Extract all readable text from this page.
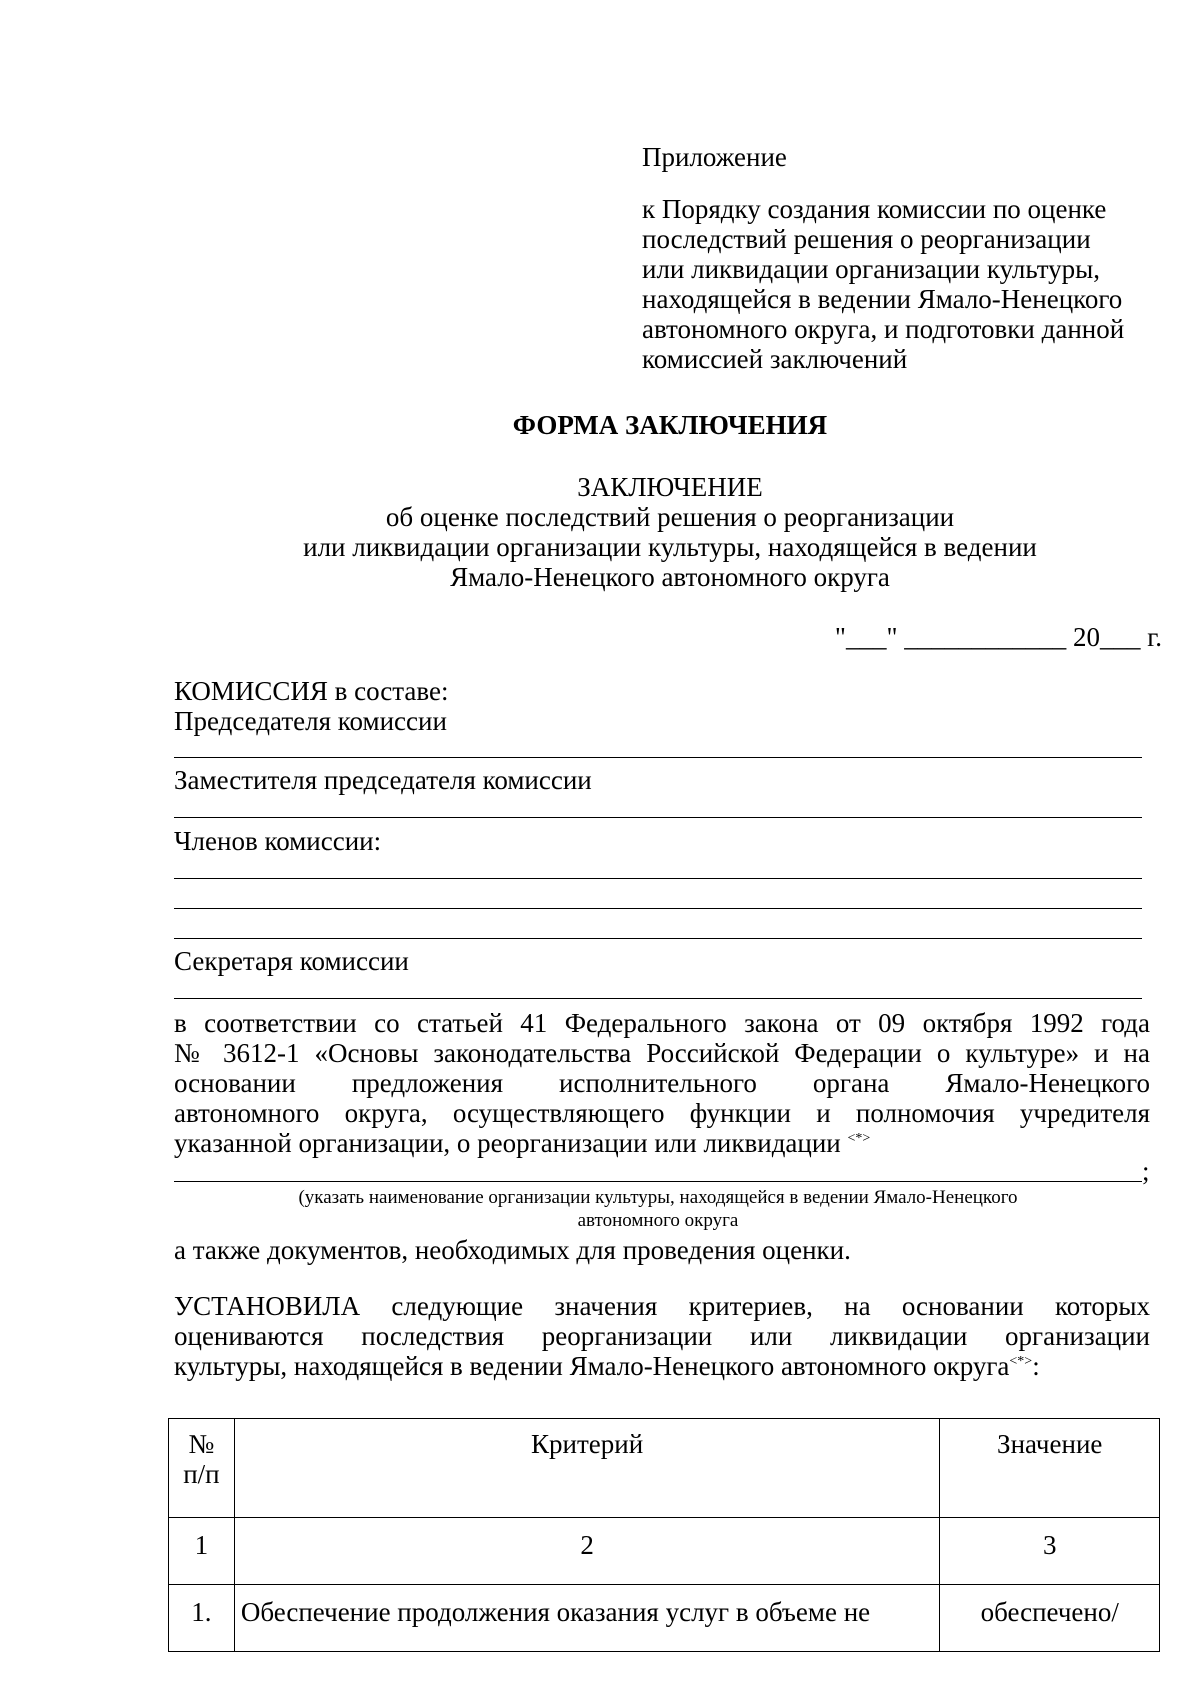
Приложение
к Порядку создания комиссии по оценке
последствий решения о реорганизации
или ликвидации организации культуры,
находящейся в ведении Ямало-Ненецкого
автономного округа, и подготовки данной
комиссией заключений
ФОРМА ЗАКЛЮЧЕНИЯ
ЗАКЛЮЧЕНИЕ
об оценке последствий решения о реорганизации
или ликвидации организации культуры, находящейся в ведении
Ямало-Ненецкого автономного округа
"___" ____________ 20___ г.
КОМИССИЯ в составе:
Председателя комиссии
Заместителя председателя комиссии
Членов комиссии:
Секретаря комиссии
в соответствии со статьей 41 Федерального закона от 09 октября 1992 года
№ 3612-1 «Основы законодательства Российской Федерации о культуре» и на
основании предложения исполнительного органа Ямало-Ненецкого
автономного округа, осуществляющего функции и полномочия учредителя
указанной организации, о реорганизации или ликвидации <*>
;
(указать наименование организации культуры, находящейся в ведении Ямало-Ненецкого
автономного округа
а также документов, необходимых для проведения оценки.
УСТАНОВИЛА следующие значения критериев, на основании которых
оцениваются последствия реорганизации или ликвидации организации
культуры, находящейся в ведении Ямало-Ненецкого автономного округа<*>:
№
п/п	Критерий	Значение
1	2	3
1.	Обеспечение продолжения оказания услуг в объеме не	обеспечено/
